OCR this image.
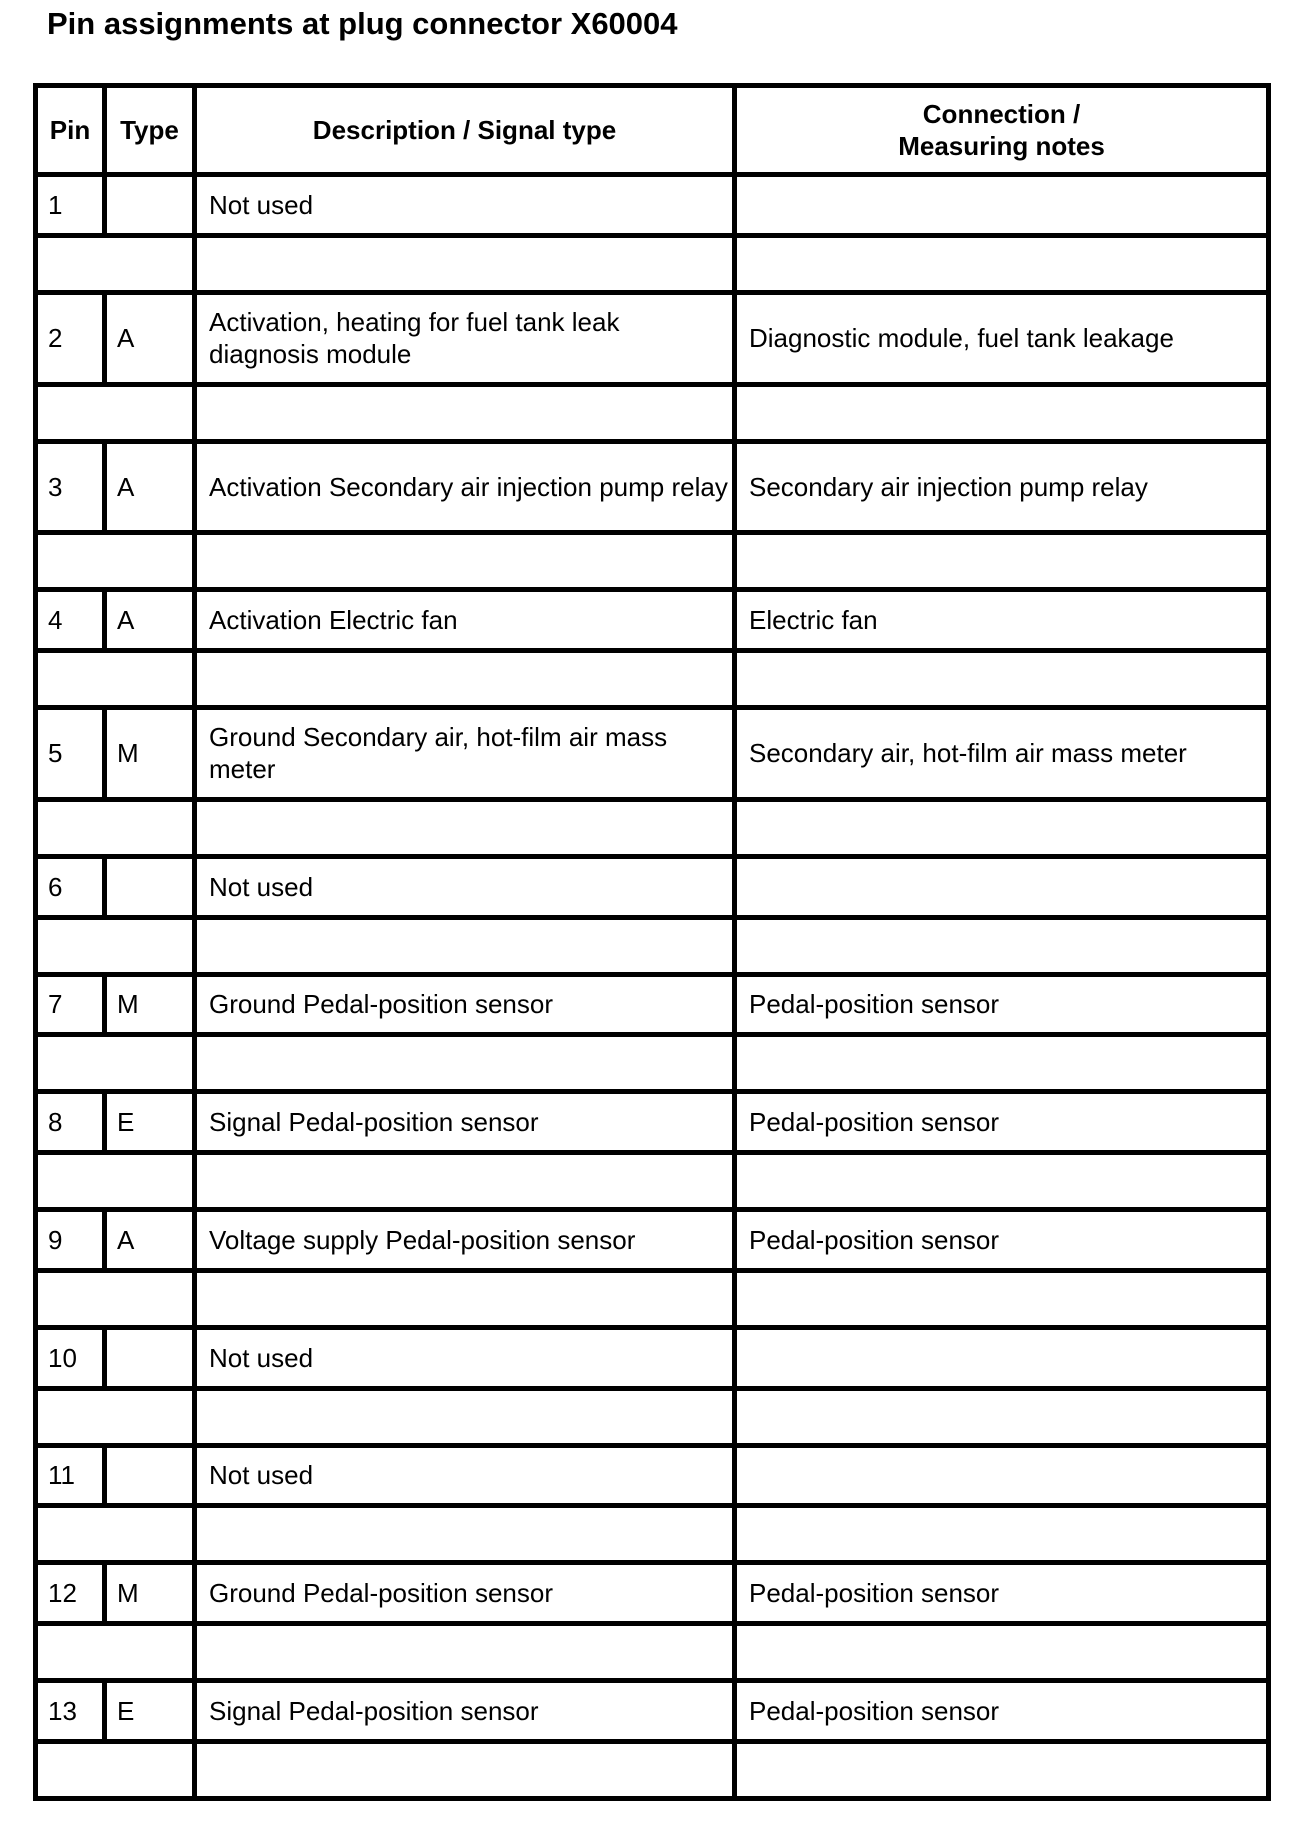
Pin assignments at plug connector X60004
Pin	Type	Description / Signal type	Connection /
Measuring notes
1		Not used	

2	A	Activation, heating for fuel tank leak diagnosis module	Diagnostic module, fuel tank leakage

3	A	Activation Secondary air injection pump relay	Secondary air injection pump relay

4	A	Activation Electric fan	Electric fan

5	M	Ground Secondary air, hot-film air mass meter	Secondary air, hot-film air mass meter

6		Not used	

7	M	Ground Pedal-position sensor	Pedal-position sensor

8	E	Signal Pedal-position sensor	Pedal-position sensor

9	A	Voltage supply Pedal-position sensor	Pedal-position sensor

10		Not used	

11		Not used	

12	M	Ground Pedal-position sensor	Pedal-position sensor

13	E	Signal Pedal-position sensor	Pedal-position sensor
